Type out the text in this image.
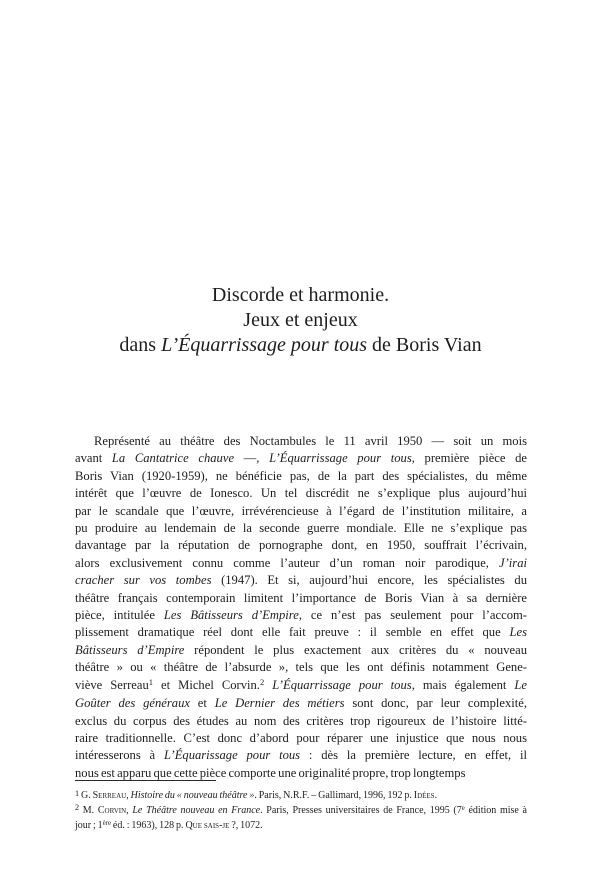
Discorde et harmonie.
Jeux et enjeux
dans L’Équarrissage pour tous de Boris Vian
Représenté au théâtre des Noctambules le 11 avril 1950 — soit un mois
avant La Cantatrice chauve —, L’Équarrissage pour tous, première pièce de
Boris Vian (1920-1959), ne bénéficie pas, de la part des spécialistes, du même
intérêt que l’œuvre de Ionesco. Un tel discrédit ne s’explique plus aujourd’hui
par le scandale que l’œuvre, irrévérencieuse à l’égard de l’institution militaire, a
pu produire au lendemain de la seconde guerre mondiale. Elle ne s’explique pas
davantage par la réputation de pornographe dont, en 1950, souffrait l’écrivain,
alors exclusivement connu comme l’auteur d’un roman noir parodique, J’irai
cracher sur vos tombes (1947). Et si, aujourd’hui encore, les spécialistes du
théâtre français contemporain limitent l’importance de Boris Vian à sa dernière
pièce, intitulée Les Bâtisseurs d’Empire, ce n’est pas seulement pour l’accom-
plissement dramatique réel dont elle fait preuve : il semble en effet que Les
Bâtisseurs d’Empire répondent le plus exactement aux critères du « nouveau
théâtre » ou « théâtre de l’absurde », tels que les ont définis notamment Gene-
viève Serreau$^1$ et Michel Corvin.$^2$ L’Équarrissage pour tous, mais également Le
Goûter des généraux et Le Dernier des métiers sont donc, par leur complexité,
exclus du corpus des études au nom des critères trop rigoureux de l’histoire litté-
raire traditionnelle. C’est donc d’abord pour réparer une injustice que nous nous
intéresserons à L’Équarissage pour tous : dès la première lecture, en effet, il
nous est apparu que cette pièce comporte une originalité propre, trop longtemps
$^1$ G. Serreau, Histoire du « nouveau théâtre ». Paris, N.R.F. – Gallimard, 1996, 192 p. Idées.
$^2$ M. Corvin, Le Théâtre nouveau en France. Paris, Presses universitaires de France, 1995 (7e édition mise à
jour ; 1ère éd. : 1963), 128 p. Que sais-je ?, 1072.
